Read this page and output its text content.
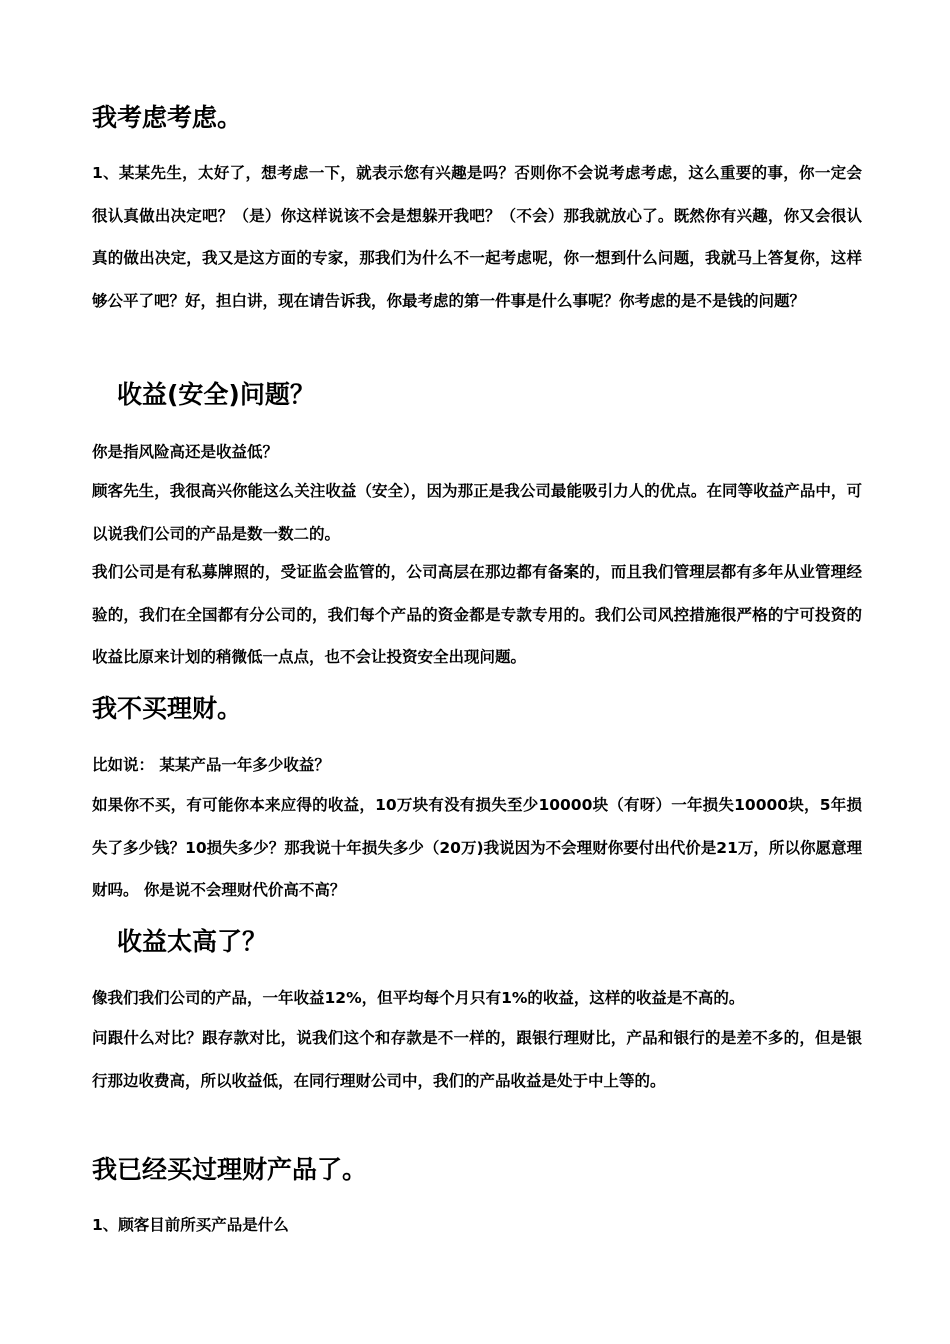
我考虑考虑。

1、某某先生，太好了，想考虑一下，就表示您有兴趣是吗？否则你不会说考虑考虑，这么重要的事，你一定会很认真做出决定吧？（是）你这样说该不会是想躲开我吧？（不会）那我就放心了。既然你有兴趣，你又会很认真的做出决定，我又是这方面的专家，那我们为什么不一起考虑呢，你一想到什么问题，我就马上答复你，这样够公平了吧？好，担白讲，现在请告诉我，你最考虑的第一件事是什么事呢？你考虑的是不是钱的问题？

收益(安全)问题？

你是指风险高还是收益低？

顾客先生，我很高兴你能这么关注收益（安全），因为那正是我公司最能吸引力人的优点。在同等收益产品中，可以说我们公司的产品是数一数二的。

我们公司是有私募牌照的，受证监会监管的，公司高层在那边都有备案的，而且我们管理层都有多年从业管理经验的，我们在全国都有分公司的，我们每个产品的资金都是专款专用的。我们公司风控措施很严格的宁可投资的收益比原来计划的稍微低一点点，也不会让投资安全出现问题。

我不买理财。

比如说： 某某产品一年多少收益？

如果你不买，有可能你本来应得的收益，10万块有没有损失至少10000块（有呀）一年损失10000块，5年损失了多少钱？10损失多少？那我说十年损失多少（20万)我说因为不会理财你要付出代价是21万，所以你愿意理财吗。 你是说不会理财代价高不高？

收益太高了？

像我们我们公司的产品，一年收益12%，但平均每个月只有1%的收益，这样的收益是不高的。

问跟什么对比？跟存款对比，说我们这个和存款是不一样的，跟银行理财比，产品和银行的是差不多的，但是银行那边收费高，所以收益低，在同行理财公司中，我们的产品收益是处于中上等的。

我已经买过理财产品了。

1、顾客目前所买产品是什么
